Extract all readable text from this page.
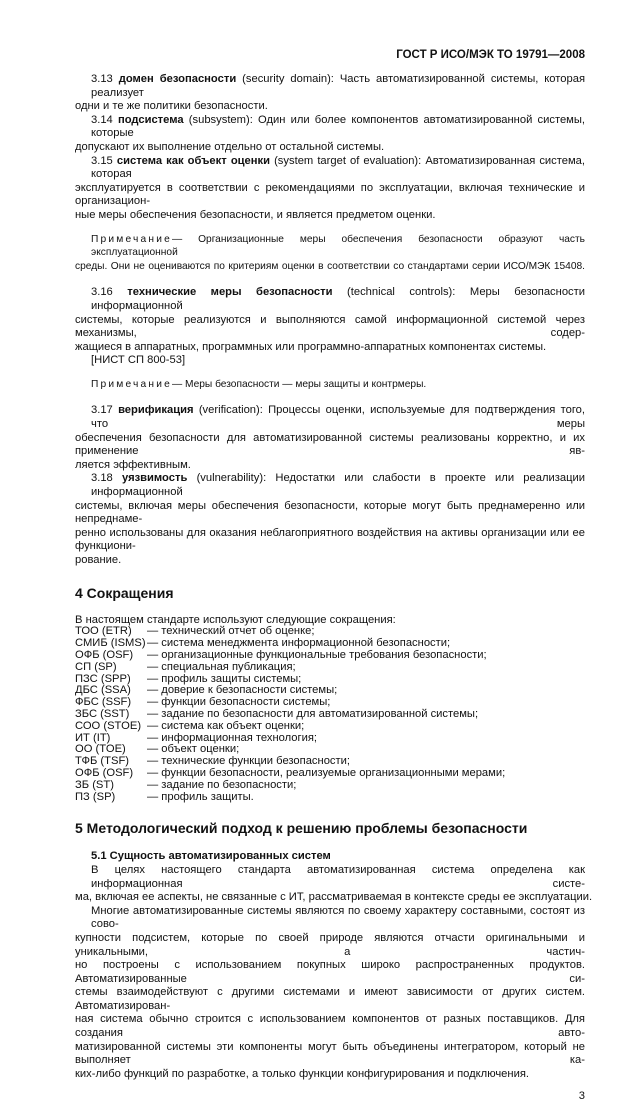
ГОСТ Р ИСО/МЭК ТО 19791—2008
3.13 домен безопасности (security domain): Часть автоматизированной системы, которая реализует
одни и те же политики безопасности.
3.14 подсистема (subsystem): Один или более компонентов автоматизированной системы, которые
допускают их выполнение отдельно от остальной системы.
3.15 система как объект оценки (system target of evaluation): Автоматизированная система, которая
эксплуатируется в соответствии с рекомендациями по эксплуатации, включая технические и организацион-
ные меры обеспечения безопасности, и является предметом оценки.
Примечание— Организационные меры обеспечения безопасности образуют часть эксплуатационной
среды. Они не оцениваются по критериям оценки в соответствии со стандартами серии ИСО/МЭК 15408.
3.16 технические меры безопасности (technical controls): Меры безопасности информационной
системы, которые реализуются и выполняются самой информационной системой через механизмы, содер-
жащиеся в аппаратных, программных или программно-аппаратных компонентах системы.
[НИСТ СП 800-53]
Примечание— Меры безопасности — меры защиты и контрмеры.
3.17 верификация (verification): Процессы оценки, используемые для подтверждения того, что меры
обеспечения безопасности для автоматизированной системы реализованы корректно, и их применение яв-
ляется эффективным.
3.18 уязвимость (vulnerability): Недостатки или слабости в проекте или реализации информационной
системы, включая меры обеспечения безопасности, которые могут быть преднамеренно или непреднаме-
ренно использованы для оказания неблагоприятного воздействия на активы организации или ее функциони-
рование.
4 Сокращения
В настоящем стандарте используют следующие сокращения:
ТОО (ETR)	— технический отчет об оценке;
СМИБ (ISMS) — система менеджмента информационной безопасности;
ОФБ (OSF)	— организационные функциональные требования безопасности;
СП (SP)	— специальная публикация;
ПЗС (SPP)	— профиль защиты системы;
ДБС (SSA)	— доверие к безопасности системы;
ФБС (SSF)	— функции безопасности системы;
ЗБС (SST)	— задание по безопасности для автоматизированной системы;
СОО (STOE) — система как объект оценки;
ИТ (IT)	— информационная технология;
ОО (TOE)	— объект оценки;
ТФБ (TSF)	— технические функции безопасности;
ОФБ (OSF)	— функции безопасности, реализуемые организационными мерами;
ЗБ (ST)	— задание по безопасности;
ПЗ (SP)	— профиль защиты.
5 Методологический подход к решению проблемы безопасности
5.1 Сущность автоматизированных систем
В целях настоящего стандарта автоматизированная система определена как информационная систе-
ма, включая ее аспекты, не связанные с ИТ, рассматриваемая в контексте среды ее эксплуатации.
Многие автоматизированные системы являются по своему характеру составными, состоят из сово-
купности подсистем, которые по своей природе являются отчасти оригинальными и уникальными, а частич-
но построены с использованием покупных широко распространенных продуктов. Автоматизированные си-
стемы взаимодействуют с другими системами и имеют зависимости от других систем. Автоматизирован-
ная система обычно строится с использованием компонентов от разных поставщиков. Для создания авто-
матизированной системы эти компоненты могут быть объединены интегратором, который не выполняет ка-
ких-либо функций по разработке, а только функции конфигурирования и подключения.
3
